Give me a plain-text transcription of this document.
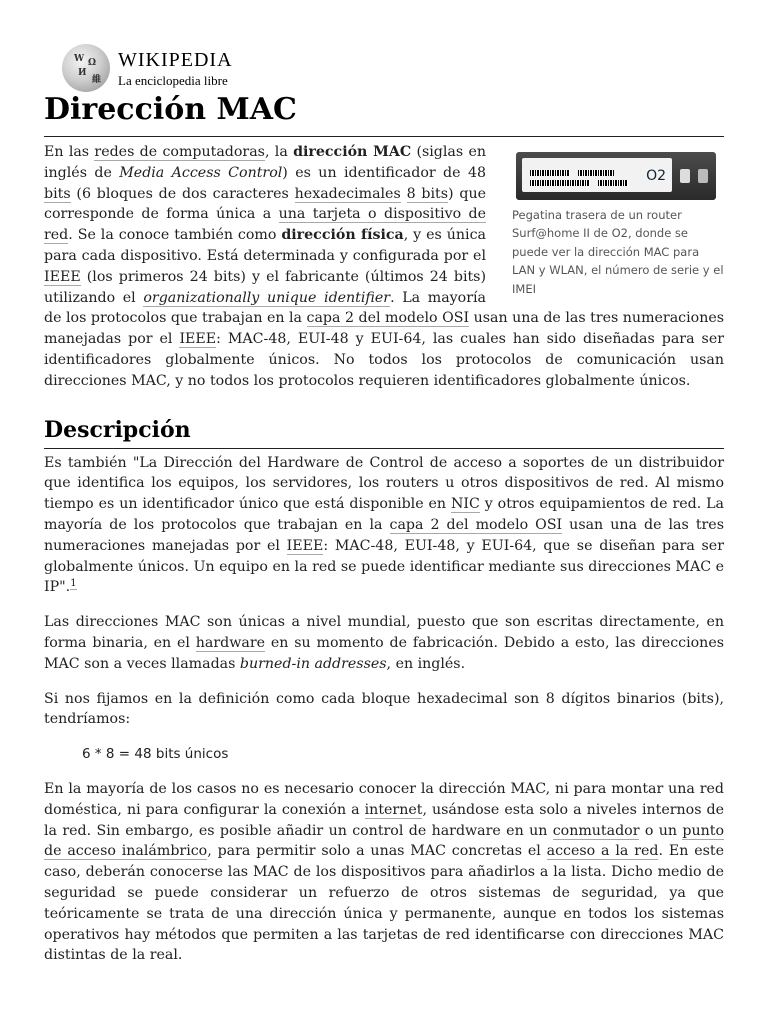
W Ω
И
維
WIKIPEDIA
La enciclopedia libre
Dirección MAC
O2
Pegatina trasera de un router Surf@home II de O2, donde se puede ver la dirección MAC para LAN y WLAN, el número de serie y el IMEI

En las redes de computadoras, la dirección MAC (siglas en inglés de Media Access Control) es un identificador de 48 bits (6 bloques de dos caracteres hexadecimales 8 bits) que corresponde de forma única a una tarjeta o dispositivo de red. Se la conoce también como dirección física, y es única para cada dispositivo. Está determinada y configurada por el IEEE (los primeros 24 bits) y el fabricante (últimos 24 bits) utilizando el organizationally unique identifier. La mayoría de los protocolos que trabajan en la capa 2 del modelo OSI usan una de las tres numeraciones manejadas por el IEEE: MAC-48, EUI-48 y EUI-64, las cuales han sido diseñadas para ser identificadores globalmente únicos. No todos los protocolos de comunicación usan direcciones MAC, y no todos los protocolos requieren identificadores globalmente únicos.

Descripción

Es también "La Dirección del Hardware de Control de acceso a soportes de un distribuidor que identifica los equipos, los servidores, los routers u otros dispositivos de red. Al mismo tiempo es un identificador único que está disponible en NIC y otros equipamientos de red. La mayoría de los protocolos que trabajan en la capa 2 del modelo OSI usan una de las tres numeraciones manejadas por el IEEE: MAC-48, EUI-48, y EUI-64, que se diseñan para ser globalmente únicos. Un equipo en la red se puede identificar mediante sus direcciones MAC e IP".$^1$

Las direcciones MAC son únicas a nivel mundial, puesto que son escritas directamente, en forma binaria, en el hardware en su momento de fabricación. Debido a esto, las direcciones MAC son a veces llamadas burned-in addresses, en inglés.

Si nos fijamos en la definición como cada bloque hexadecimal son 8 dígitos binarios (bits), tendríamos:

6 * 8 = 48 bits únicos

En la mayoría de los casos no es necesario conocer la dirección MAC, ni para montar una red doméstica, ni para configurar la conexión a internet, usándose esta solo a niveles internos de la red. Sin embargo, es posible añadir un control de hardware en un conmutador o un punto de acceso inalámbrico, para permitir solo a unas MAC concretas el acceso a la red. En este caso, deberán conocerse las MAC de los dispositivos para añadirlos a la lista. Dicho medio de seguridad se puede considerar un refuerzo de otros sistemas de seguridad, ya que teóricamente se trata de una dirección única y permanente, aunque en todos los sistemas operativos hay métodos que permiten a las tarjetas de red identificarse con direcciones MAC distintas de la real.
